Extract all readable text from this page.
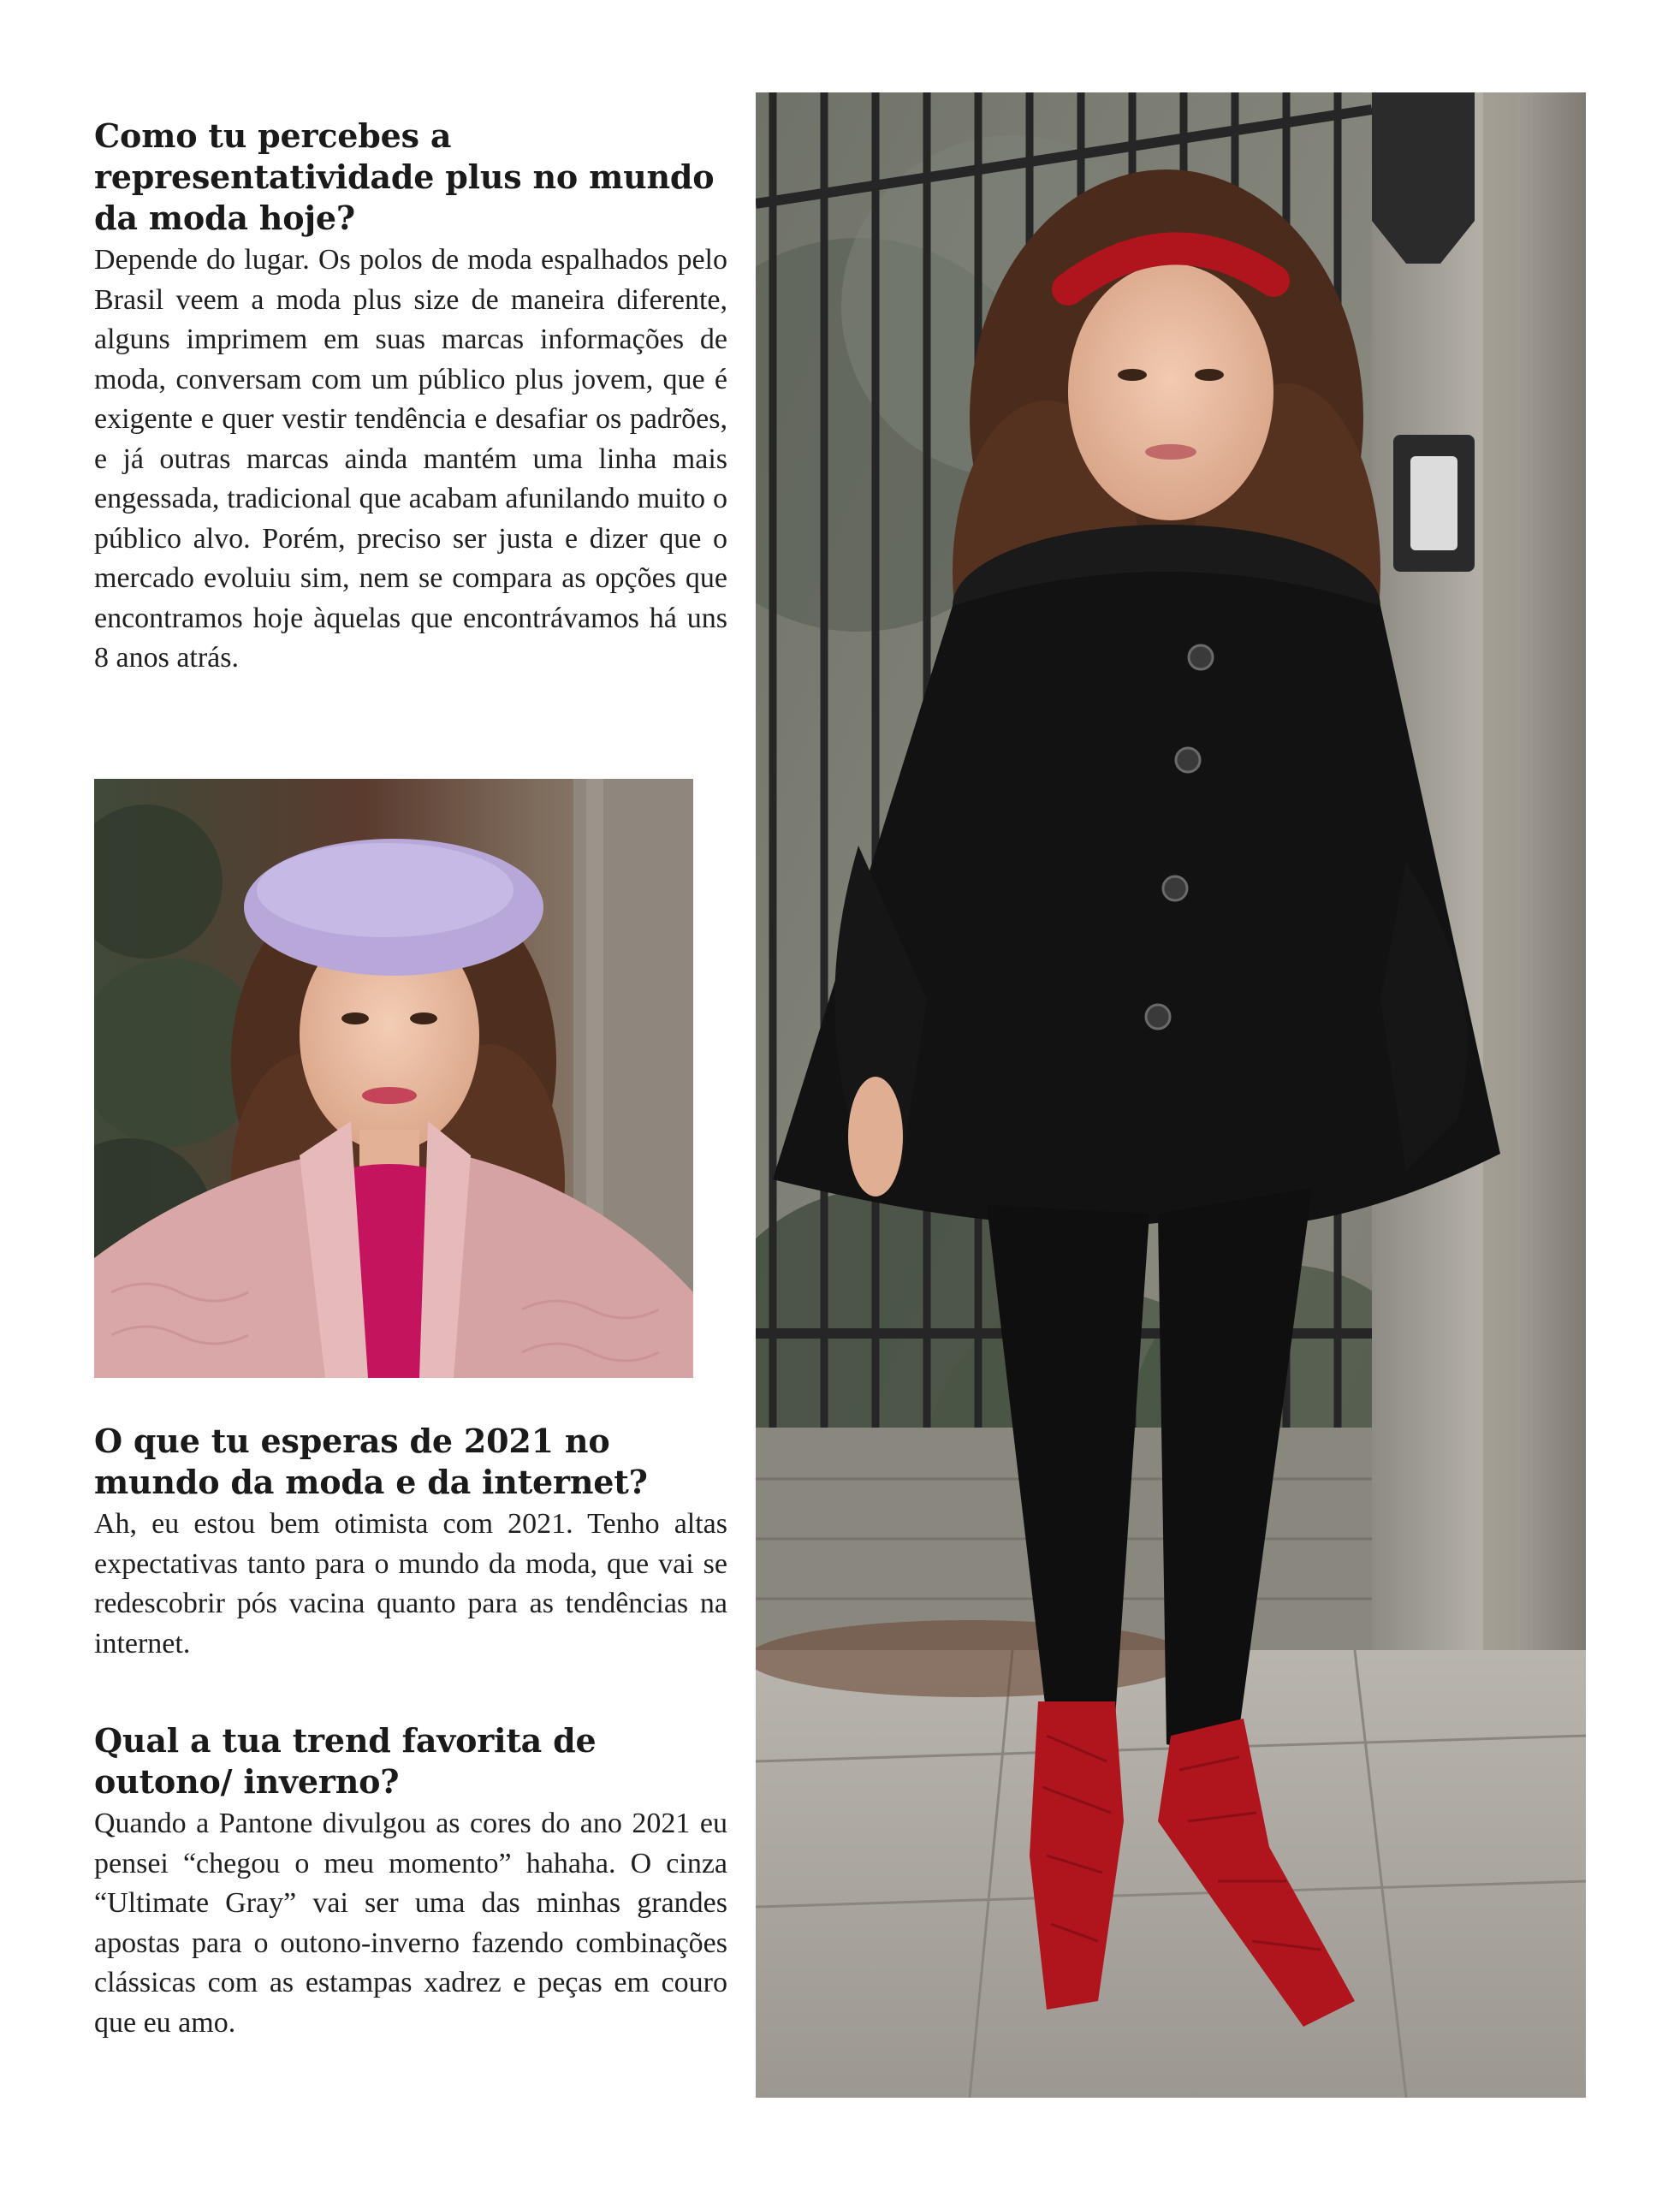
Como tu percebes a representatividade plus no mundo da moda hoje?

Depende do lugar. Os polos de moda espalhados pelo Brasil veem a moda plus size de maneira diferente, alguns imprimem em suas marcas informações de moda, conversam com um público plus jovem, que é exigente e quer vestir tendência e desafiar os padrões, e já outras marcas ainda mantém uma linha mais engessada, tradicional que acabam afunilando muito o público alvo. Porém, preciso ser justa e dizer que o mercado evoluiu sim, nem se compara as opções que encontramos hoje àquelas que encontrávamos há uns 8 anos atrás.

O que tu esperas de 2021 no mundo da moda e da internet?

Ah, eu estou bem otimista com 2021. Tenho altas expectativas tanto para o mundo da moda, que vai se redescobrir pós vacina quanto para as tendências na internet.

Qual a tua trend favorita de outono/ inverno?

Quando a Pantone divulgou as cores do ano 2021 eu pensei “chegou o meu momento” hahaha. O cinza “Ultimate Gray” vai ser uma das minhas grandes apostas para o outono-inverno fazendo combinações clássicas com as estampas xadrez e peças em couro que eu amo.
